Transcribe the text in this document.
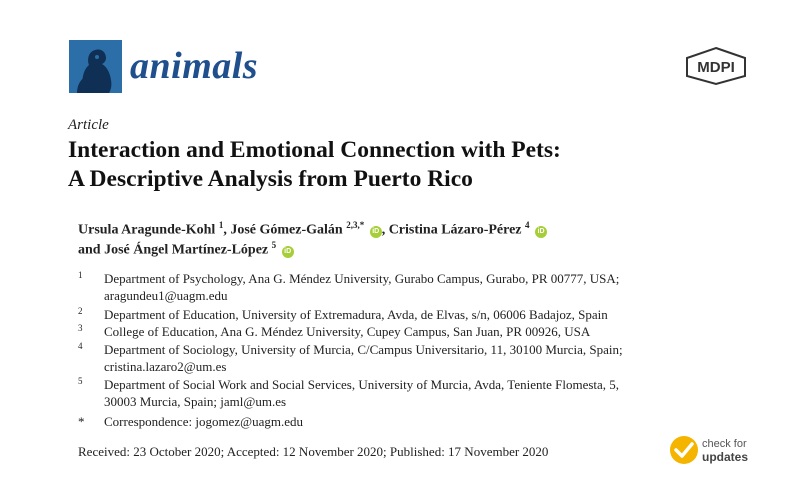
animals	MDPI
Article
Interaction and Emotional Connection with Pets:
A Descriptive Analysis from Puerto Rico
Ursula Aragunde-Kohl $^1$, José Gómez-Galán $^{2,3,*}$ iD , Cristina Lázaro-Pérez $^4$ iD
and José Ángel Martínez-López $^5$ iD
1 Department of Psychology, Ana G. Méndez University, Gurabo Campus, Gurabo, PR 00777, USA;
aragundeu1@uagm.edu
2 Department of Education, University of Extremadura, Avda, de Elvas, s/n, 06006 Badajoz, Spain
3 College of Education, Ana G. Méndez University, Cupey Campus, San Juan, PR 00926, USA
4 Department of Sociology, University of Murcia, C/Campus Universitario, 11, 30100 Murcia, Spain;
cristina.lazaro2@um.es
5 Department of Social Work and Social Services, University of Murcia, Avda, Teniente Flomesta, 5,
30003 Murcia, Spain; jaml@um.es
* Correspondence: jogomez@uagm.edu
Received: 23 October 2020; Accepted: 12 November 2020; Published: 17 November 2020	check for
updates
